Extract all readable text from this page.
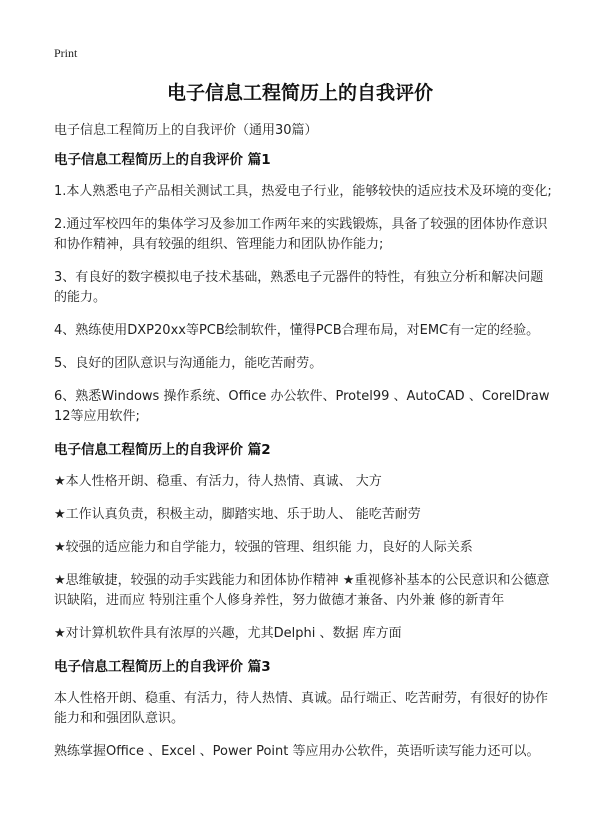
Print
电子信息工程简历上的自我评价
电子信息工程简历上的自我评价（通用30篇）
电子信息工程简历上的自我评价 篇1

1.本人熟悉电子产品相关测试工具，热爱电子行业，能够较快的适应技术及环境的变化;

2.通过军校四年的集体学习及参加工作两年来的实践锻炼，具备了较强的团体协作意识和协作精神，具有较强的组织、管理能力和团队协作能力;

3、有良好的数字模拟电子技术基础，熟悉电子元器件的特性，有独立分析和解决问题的能力。

4、熟练使用DXP20xx等PCB绘制软件，懂得PCB合理布局，对EMC有一定的经验。

5、良好的团队意识与沟通能力，能吃苦耐劳。

6、熟悉Windows 操作系统、Office 办公软件、Protel99 、AutoCAD 、CorelDraw 12等应用软件;

电子信息工程简历上的自我评价 篇2

★本人性格开朗、稳重、有活力，待人热情、真诚、 大方

★工作认真负责，积极主动，脚踏实地、乐于助人、 能吃苦耐劳

★较强的适应能力和自学能力，较强的管理、组织能 力，良好的人际关系

★思维敏捷，较强的动手实践能力和团体协作精神 ★重视修补基本的公民意识和公德意识缺陷，进而应 特别注重个人修身养性，努力做德才兼备、内外兼 修的新青年

★对计算机软件具有浓厚的兴趣，尤其Delphi 、数据 库方面

电子信息工程简历上的自我评价 篇3

本人性格开朗、稳重、有活力，待人热情、真诚。品行端正、吃苦耐劳，有很好的协作能力和和强团队意识。

熟练掌握Office 、Excel 、Power Point 等应用办公软件，英语听读写能力还可以。
